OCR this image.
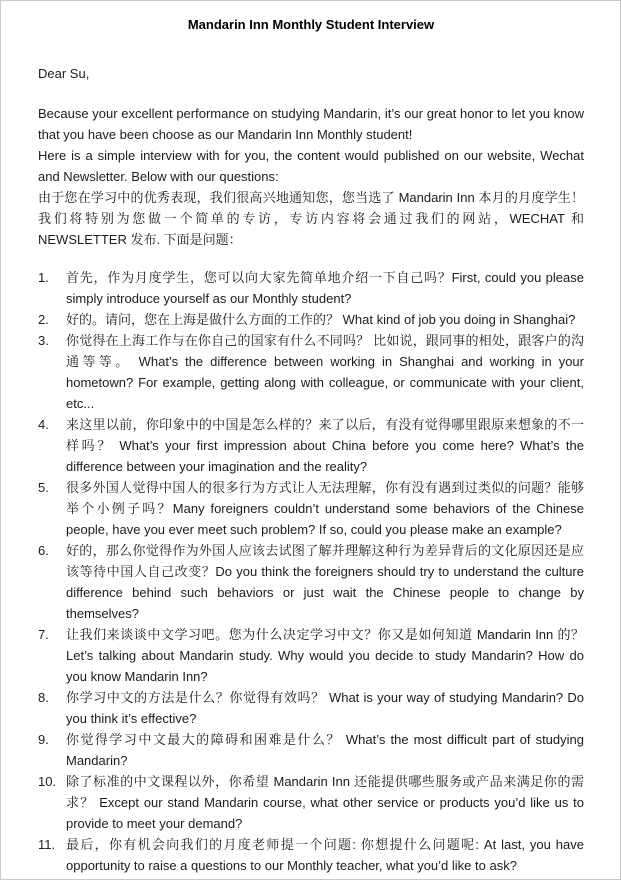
Mandarin Inn Monthly Student Interview

Dear Su,

Because your excellent performance on studying Mandarin, it’s our great honor to let you know that you have been choose as our Mandarin Inn Monthly student!

Here is a simple interview with for you, the content would published on our website, Wechat and Newsletter. Below with our questions:

由于您在学习中的优秀表现，我们很高兴地通知您，您当选了 Mandarin Inn 本月的月度学生！我们将特别为您做一个简单的专访，专访内容将会通过我们的网站，WECHAT 和 NEWSLETTER 发布. 下面是问题：

1.	首先，作为月度学生，您可以向大家先简单地介绍一下自己吗？First, could you please simply introduce yourself as our Monthly student?
2.	好的。请问，您在上海是做什么方面的工作的？ What kind of job you doing in Shanghai?
3.	你觉得在上海工作与在你自己的国家有什么不同吗？ 比如说，跟同事的相处，跟客户的沟通等等。 What’s the difference between working in Shanghai and working in your hometown? For example, getting along with colleague, or communicate with your client, etc...
4.	来这里以前，你印象中的中国是怎么样的？来了以后，有没有觉得哪里跟原来想象的不一样吗？ What’s your first impression about China before you come here? What’s the difference between your imagination and the reality?
5.	很多外国人觉得中国人的很多行为方式让人无法理解，你有没有遇到过类似的问题？能够举个小例子吗？Many foreigners couldn’t understand some behaviors of the Chinese people, have you ever meet such problem? If so, could you please make an example?
6.	好的，那么你觉得作为外国人应该去试图了解并理解这种行为差异背后的文化原因还是应该等待中国人自己改变？Do you think the foreigners should try to understand the culture difference behind such behaviors or just wait the Chinese people to change by themselves?
7.	让我们来谈谈中文学习吧。您为什么决定学习中文？你又是如何知道 Mandarin Inn 的？Let’s talking about Mandarin study. Why would you decide to study Mandarin? How do you know Mandarin Inn?
8.	你学习中文的方法是什么？你觉得有效吗？ What is your way of studying Mandarin? Do you think it’s effective?
9.	你觉得学习中文最大的障碍和困难是什么？ What’s the most difficult part of studying Mandarin?
10. 除了标准的中文课程以外，你希望 Mandarin Inn 还能提供哪些服务或产品来满足你的需求？ Except our stand Mandarin course, what other service or products you’d like us to provide to meet your demand?
11. 最后，你有机会向我们的月度老师提一个问题: 你想提什么问题呢: At last, you have opportunity to raise a questions to our Monthly teacher, what you’d like to ask?
